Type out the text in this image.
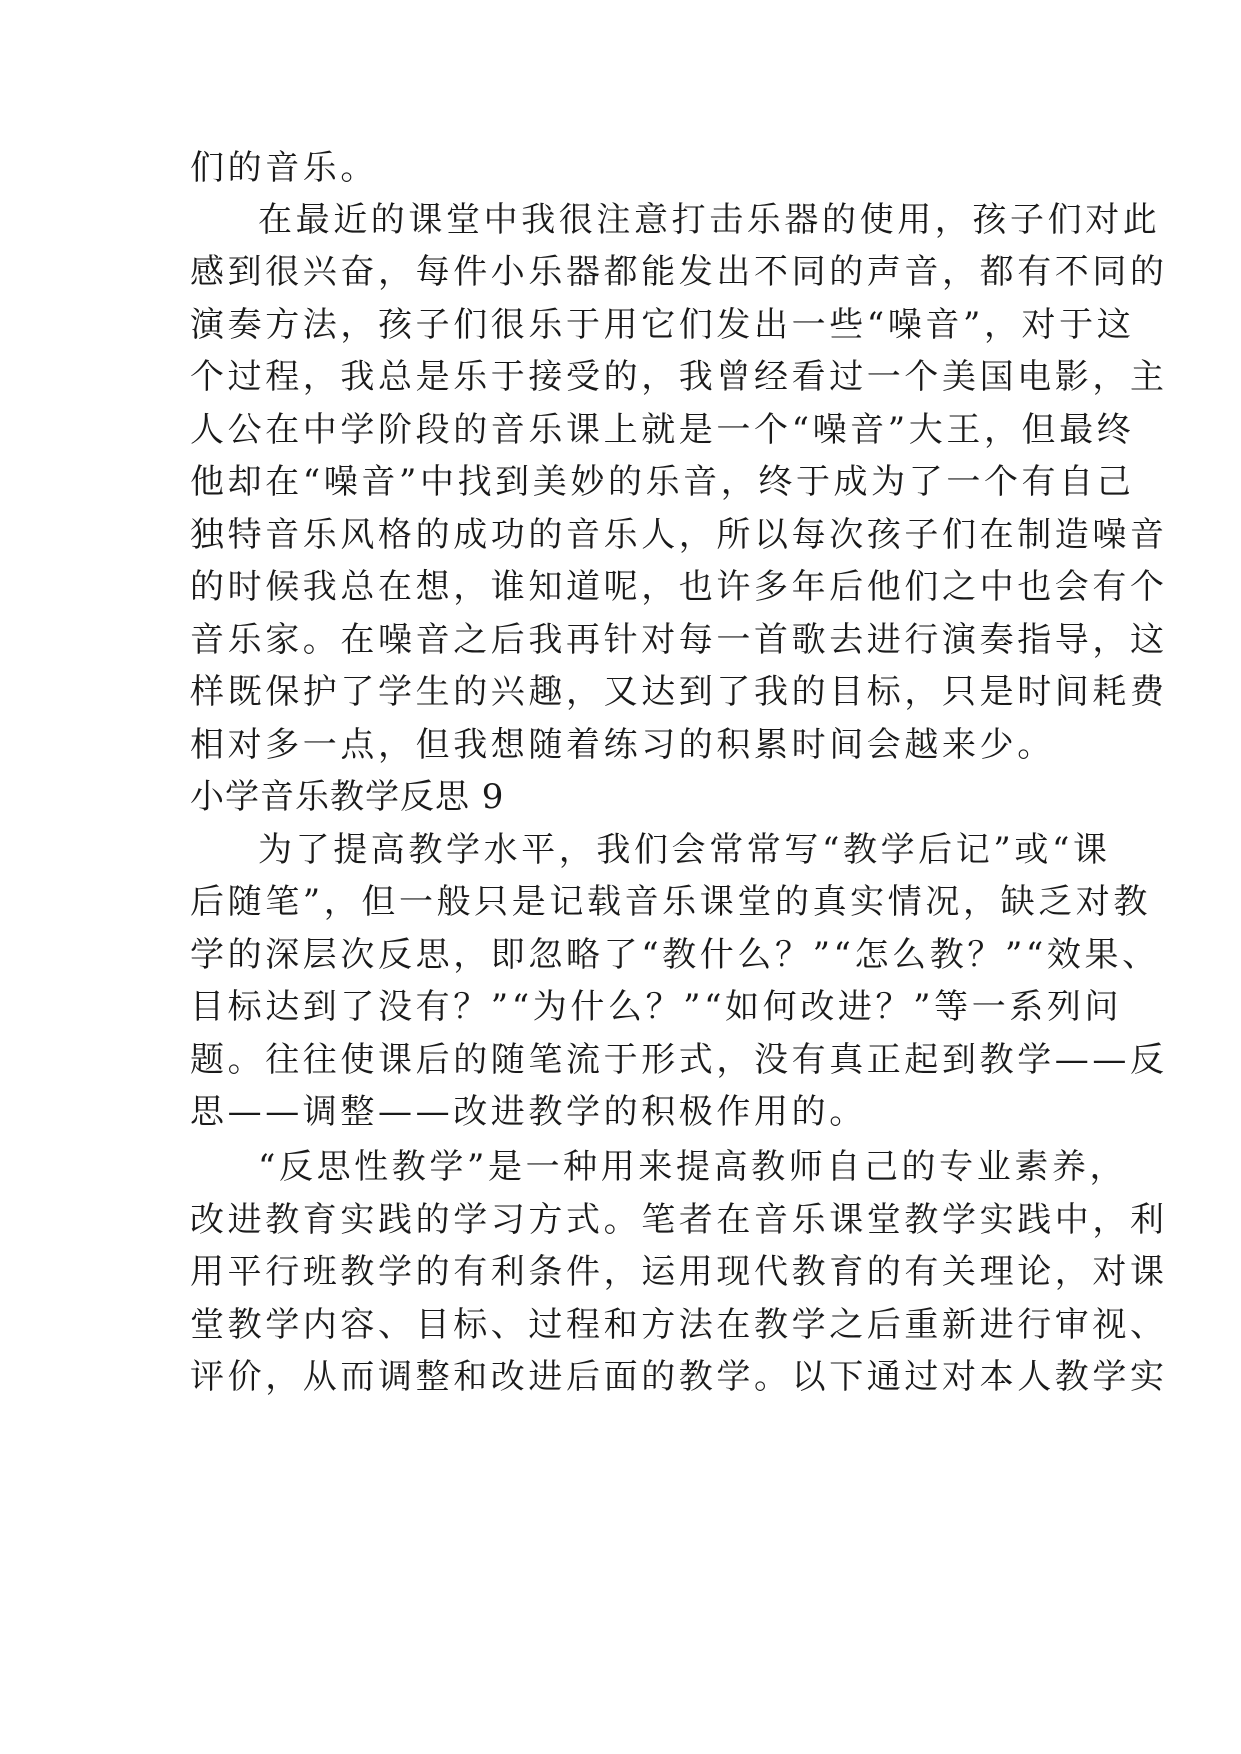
们的音乐。
在最近的课堂中我很注意打击乐器的使用，孩子们对此
感到很兴奋，每件小乐器都能发出不同的声音，都有不同的
演奏方法，孩子们很乐于用它们发出一些“噪音”，对于这
个过程，我总是乐于接受的，我曾经看过一个美国电影，主
人公在中学阶段的音乐课上就是一个“噪音”大王，但最终
他却在“噪音”中找到美妙的乐音，终于成为了一个有自己
独特音乐风格的成功的音乐人，所以每次孩子们在制造噪音
的时候我总在想，谁知道呢，也许多年后他们之中也会有个
音乐家。在噪音之后我再针对每一首歌去进行演奏指导，这
样既保护了学生的兴趣，又达到了我的目标，只是时间耗费
相对多一点，但我想随着练习的积累时间会越来少。
小学音乐教学反思 9
为了提高教学水平，我们会常常写“教学后记”或“课
后随笔”，但一般只是记载音乐课堂的真实情况，缺乏对教
学的深层次反思，即忽略了“教什么？”“怎么教？”“效果、
目标达到了没有？”“为什么？”“如何改进？”等一系列问
题。往往使课后的随笔流于形式，没有真正起到教学——反
思——调整——改进教学的积极作用的。
“反思性教学”是一种用来提高教师自己的专业素养，
改进教育实践的学习方式。笔者在音乐课堂教学实践中，利
用平行班教学的有利条件，运用现代教育的有关理论，对课
堂教学内容、目标、过程和方法在教学之后重新进行审视、
评价，从而调整和改进后面的教学。以下通过对本人教学实
